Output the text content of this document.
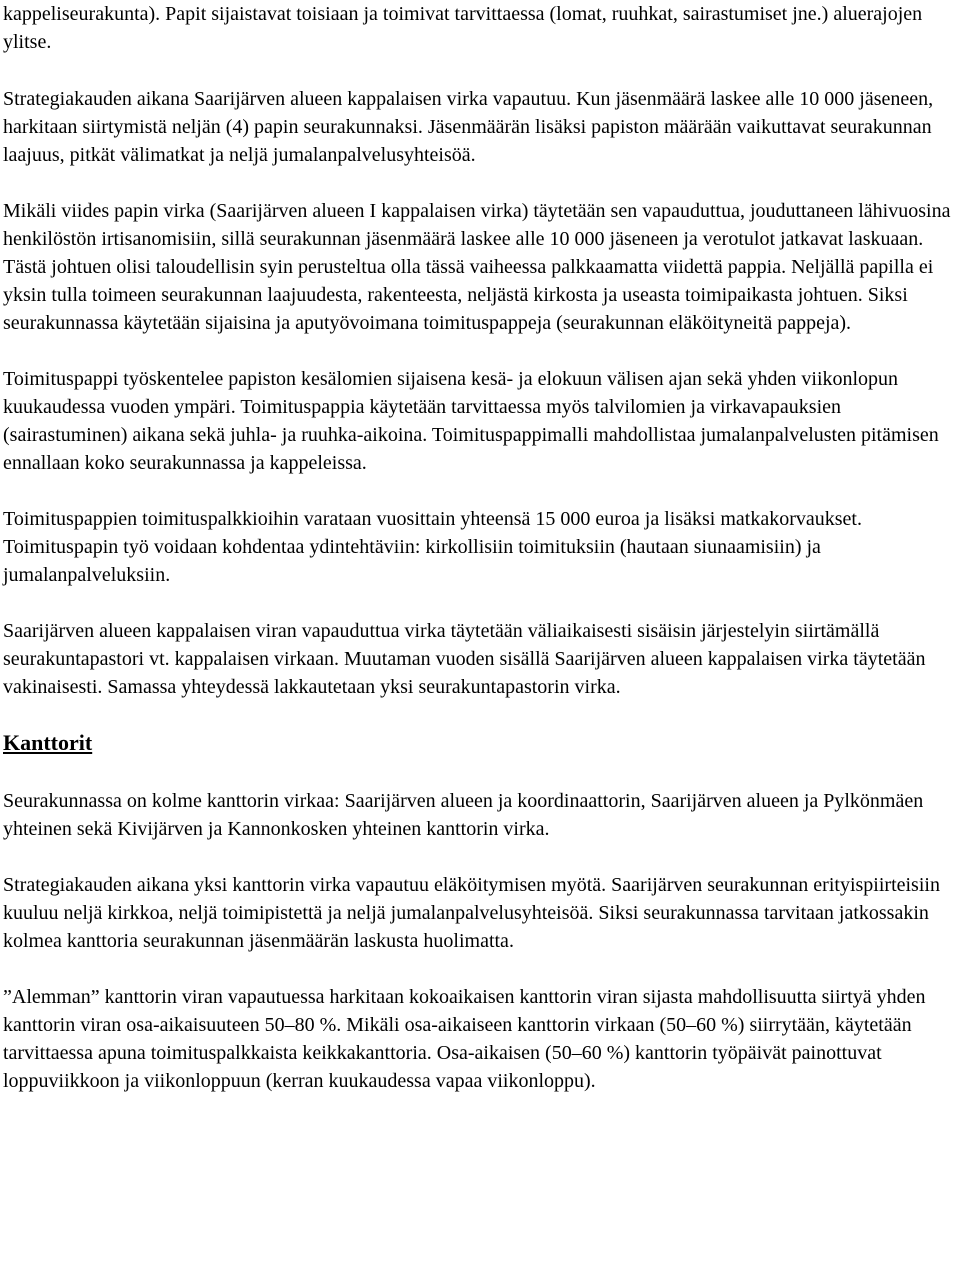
kappeliseurakunta). Papit sijaistavat toisiaan ja toimivat tarvittaessa (lomat, ruuhkat, sairastumiset jne.) aluerajojen ylitse.

Strategiakauden aikana Saarijärven alueen kappalaisen virka vapautuu. Kun jäsenmäärä laskee alle 10 000 jäseneen, harkitaan siirtymistä neljän (4) papin seurakunnaksi. Jäsenmäärän lisäksi papiston määrään vaikuttavat seurakunnan laajuus, pitkät välimatkat ja neljä jumalanpalvelusyhteisöä.

Mikäli viides papin virka (Saarijärven alueen I kappalaisen virka) täytetään sen vapauduttua, jouduttaneen lähivuosina henkilöstön irtisanomisiin, sillä seurakunnan jäsenmäärä laskee alle 10 000 jäseneen ja verotulot jatkavat laskuaan. Tästä johtuen olisi taloudellisin syin perusteltua olla tässä vaiheessa palkkaamatta viidettä pappia. Neljällä papilla ei yksin tulla toimeen seurakunnan laajuudesta, rakenteesta, neljästä kirkosta ja useasta toimipaikasta johtuen. Siksi seurakunnassa käytetään sijaisina ja aputyövoimana toimituspappeja (seurakunnan eläköityneitä pappeja).

Toimituspappi työskentelee papiston kesälomien sijaisena kesä- ja elokuun välisen ajan sekä yhden viikonlopun kuukaudessa vuoden ympäri. Toimituspappia käytetään tarvittaessa myös talvilomien ja virkavapauksien (sairastuminen) aikana sekä juhla- ja ruuhka-aikoina. Toimituspappimalli mahdollistaa jumalanpalvelusten pitämisen ennallaan koko seurakunnassa ja kappeleissa.

Toimituspappien toimituspalkkioihin varataan vuosittain yhteensä 15 000 euroa ja lisäksi matkakorvaukset. Toimituspapin työ voidaan kohdentaa ydintehtäviin: kirkollisiin toimituksiin (hautaan siunaamisiin) ja jumalanpalveluksiin.

Saarijärven alueen kappalaisen viran vapauduttua virka täytetään väliaikaisesti sisäisin järjestelyin siirtämällä seurakuntapastori vt. kappalaisen virkaan. Muutaman vuoden sisällä Saarijärven alueen kappalaisen virka täytetään vakinaisesti. Samassa yhteydessä lakkautetaan yksi seurakuntapastorin virka.

Kanttorit

Seurakunnassa on kolme kanttorin virkaa: Saarijärven alueen ja koordinaattorin, Saarijärven alueen ja Pylkönmäen yhteinen sekä Kivijärven ja Kannonkosken yhteinen kanttorin virka.

Strategiakauden aikana yksi kanttorin virka vapautuu eläköitymisen myötä. Saarijärven seurakunnan erityispiirteisiin kuuluu neljä kirkkoa, neljä toimipistettä ja neljä jumalanpalvelusyhteisöä. Siksi seurakunnassa tarvitaan jatkossakin kolmea kanttoria seurakunnan jäsenmäärän laskusta huolimatta.

”Alemman” kanttorin viran vapautuessa harkitaan kokoaikaisen kanttorin viran sijasta mahdollisuutta siirtyä yhden kanttorin viran osa-aikaisuuteen 50–80 %. Mikäli osa-aikaiseen kanttorin virkaan (50–60 %) siirrytään, käytetään tarvittaessa apuna toimituspalkkaista keikkakanttoria. Osa-aikaisen (50–60 %) kanttorin työpäivät painottuvat loppuviikkoon ja viikonloppuun (kerran kuukaudessa vapaa viikonloppu).
